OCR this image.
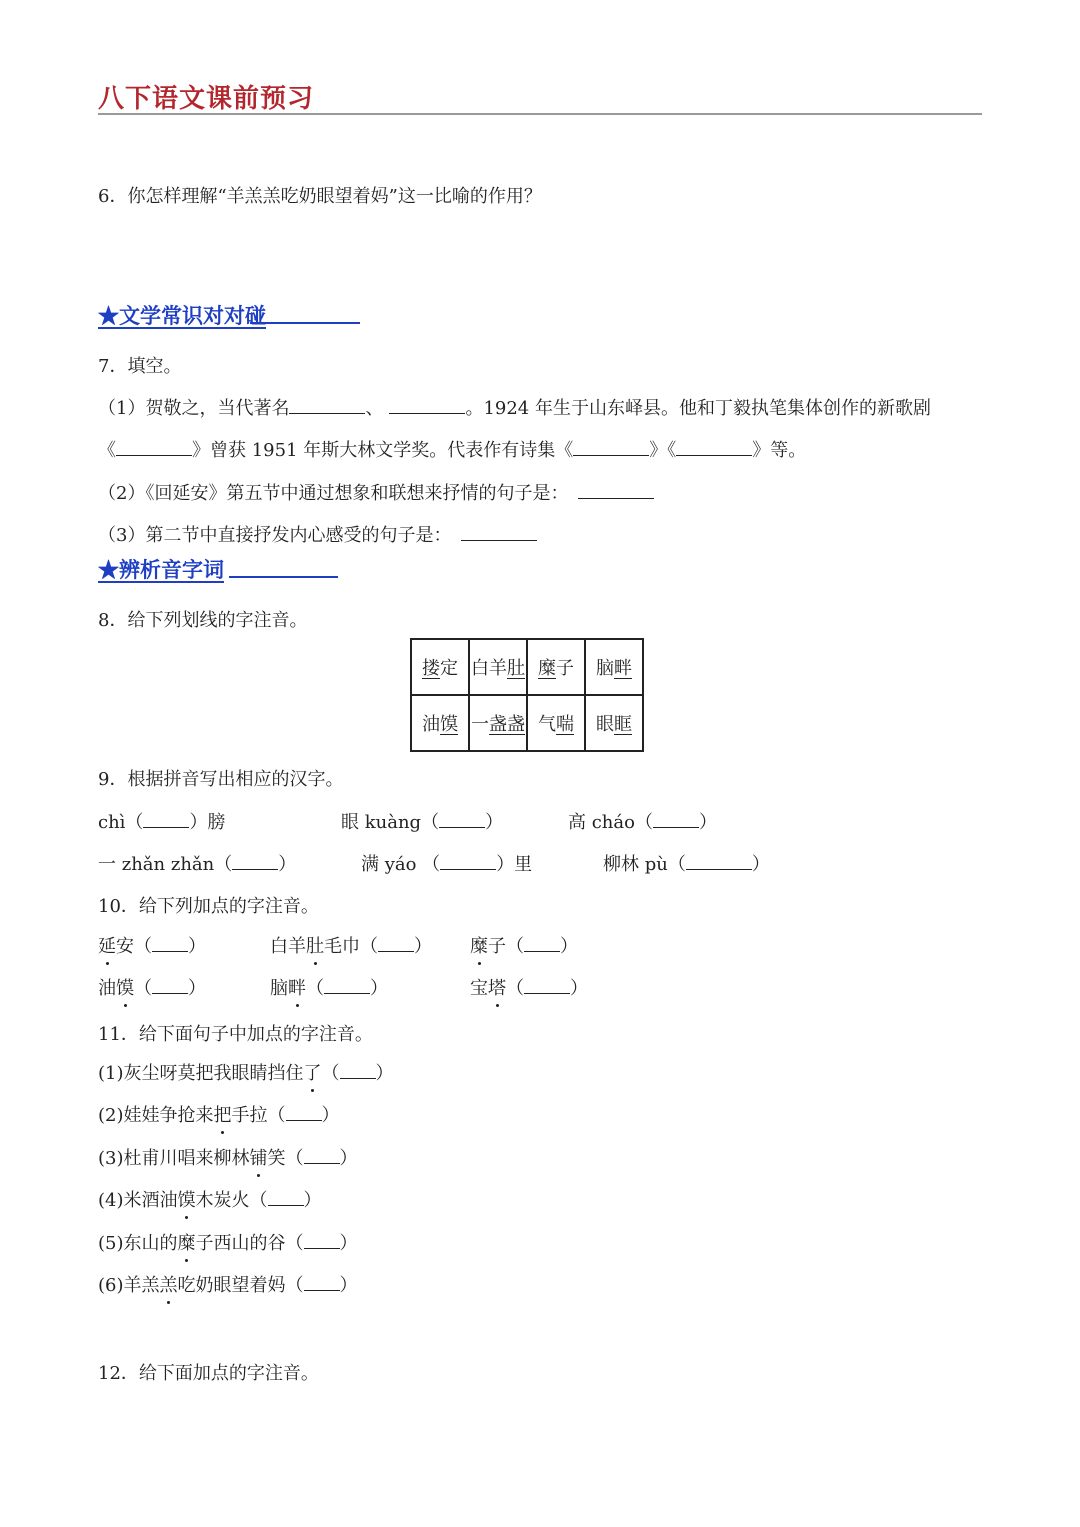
八下语文课前预习
6．你怎样理解“羊羔羔吃奶眼望着妈”这一比喻的作用？
★文学常识对对碰
7．填空。
（1）贺敬之，当代著名	、	。1924 年生于山东峄县。他和丁毅执笔集体创作的新歌剧
《	》曾获 1951 年斯大林文学奖。代表作有诗集《	》《	》等。
（2）《回延安》第五节中通过想象和联想来抒情的句子是：
（3）第二节中直接抒发内心感受的句子是：
★辨析音字词
8．给下列划线的字注音。
搂定	白羊肚	糜子	脑畔
油馍	一盏盏	气喘	眼眶
9．根据拼音写出相应的汉字。
chì（	）膀	眼 kuàng（	）	高 cháo（	）
一 zhǎn zhǎn（	）	满 yáo （	）里	柳林 pù（	）
10．给下列加点的字注音。
延安（ ）	白羊肚毛巾（ ） 糜子（ ）
油馍（ ）	脑畔（	）	宝塔（	）
11．给下面句子中加点的字注音。
(1)灰尘呀莫把我眼睛挡住了（ ）
(2)娃娃争抢来把手拉（ ）
(3)杜甫川唱来柳林铺笑（ ）
(4)米酒油馍木炭火（ ）
(5)东山的糜子西山的谷（ ）
(6)羊羔羔吃奶眼望着妈（ ）
12．给下面加点的字注音。
